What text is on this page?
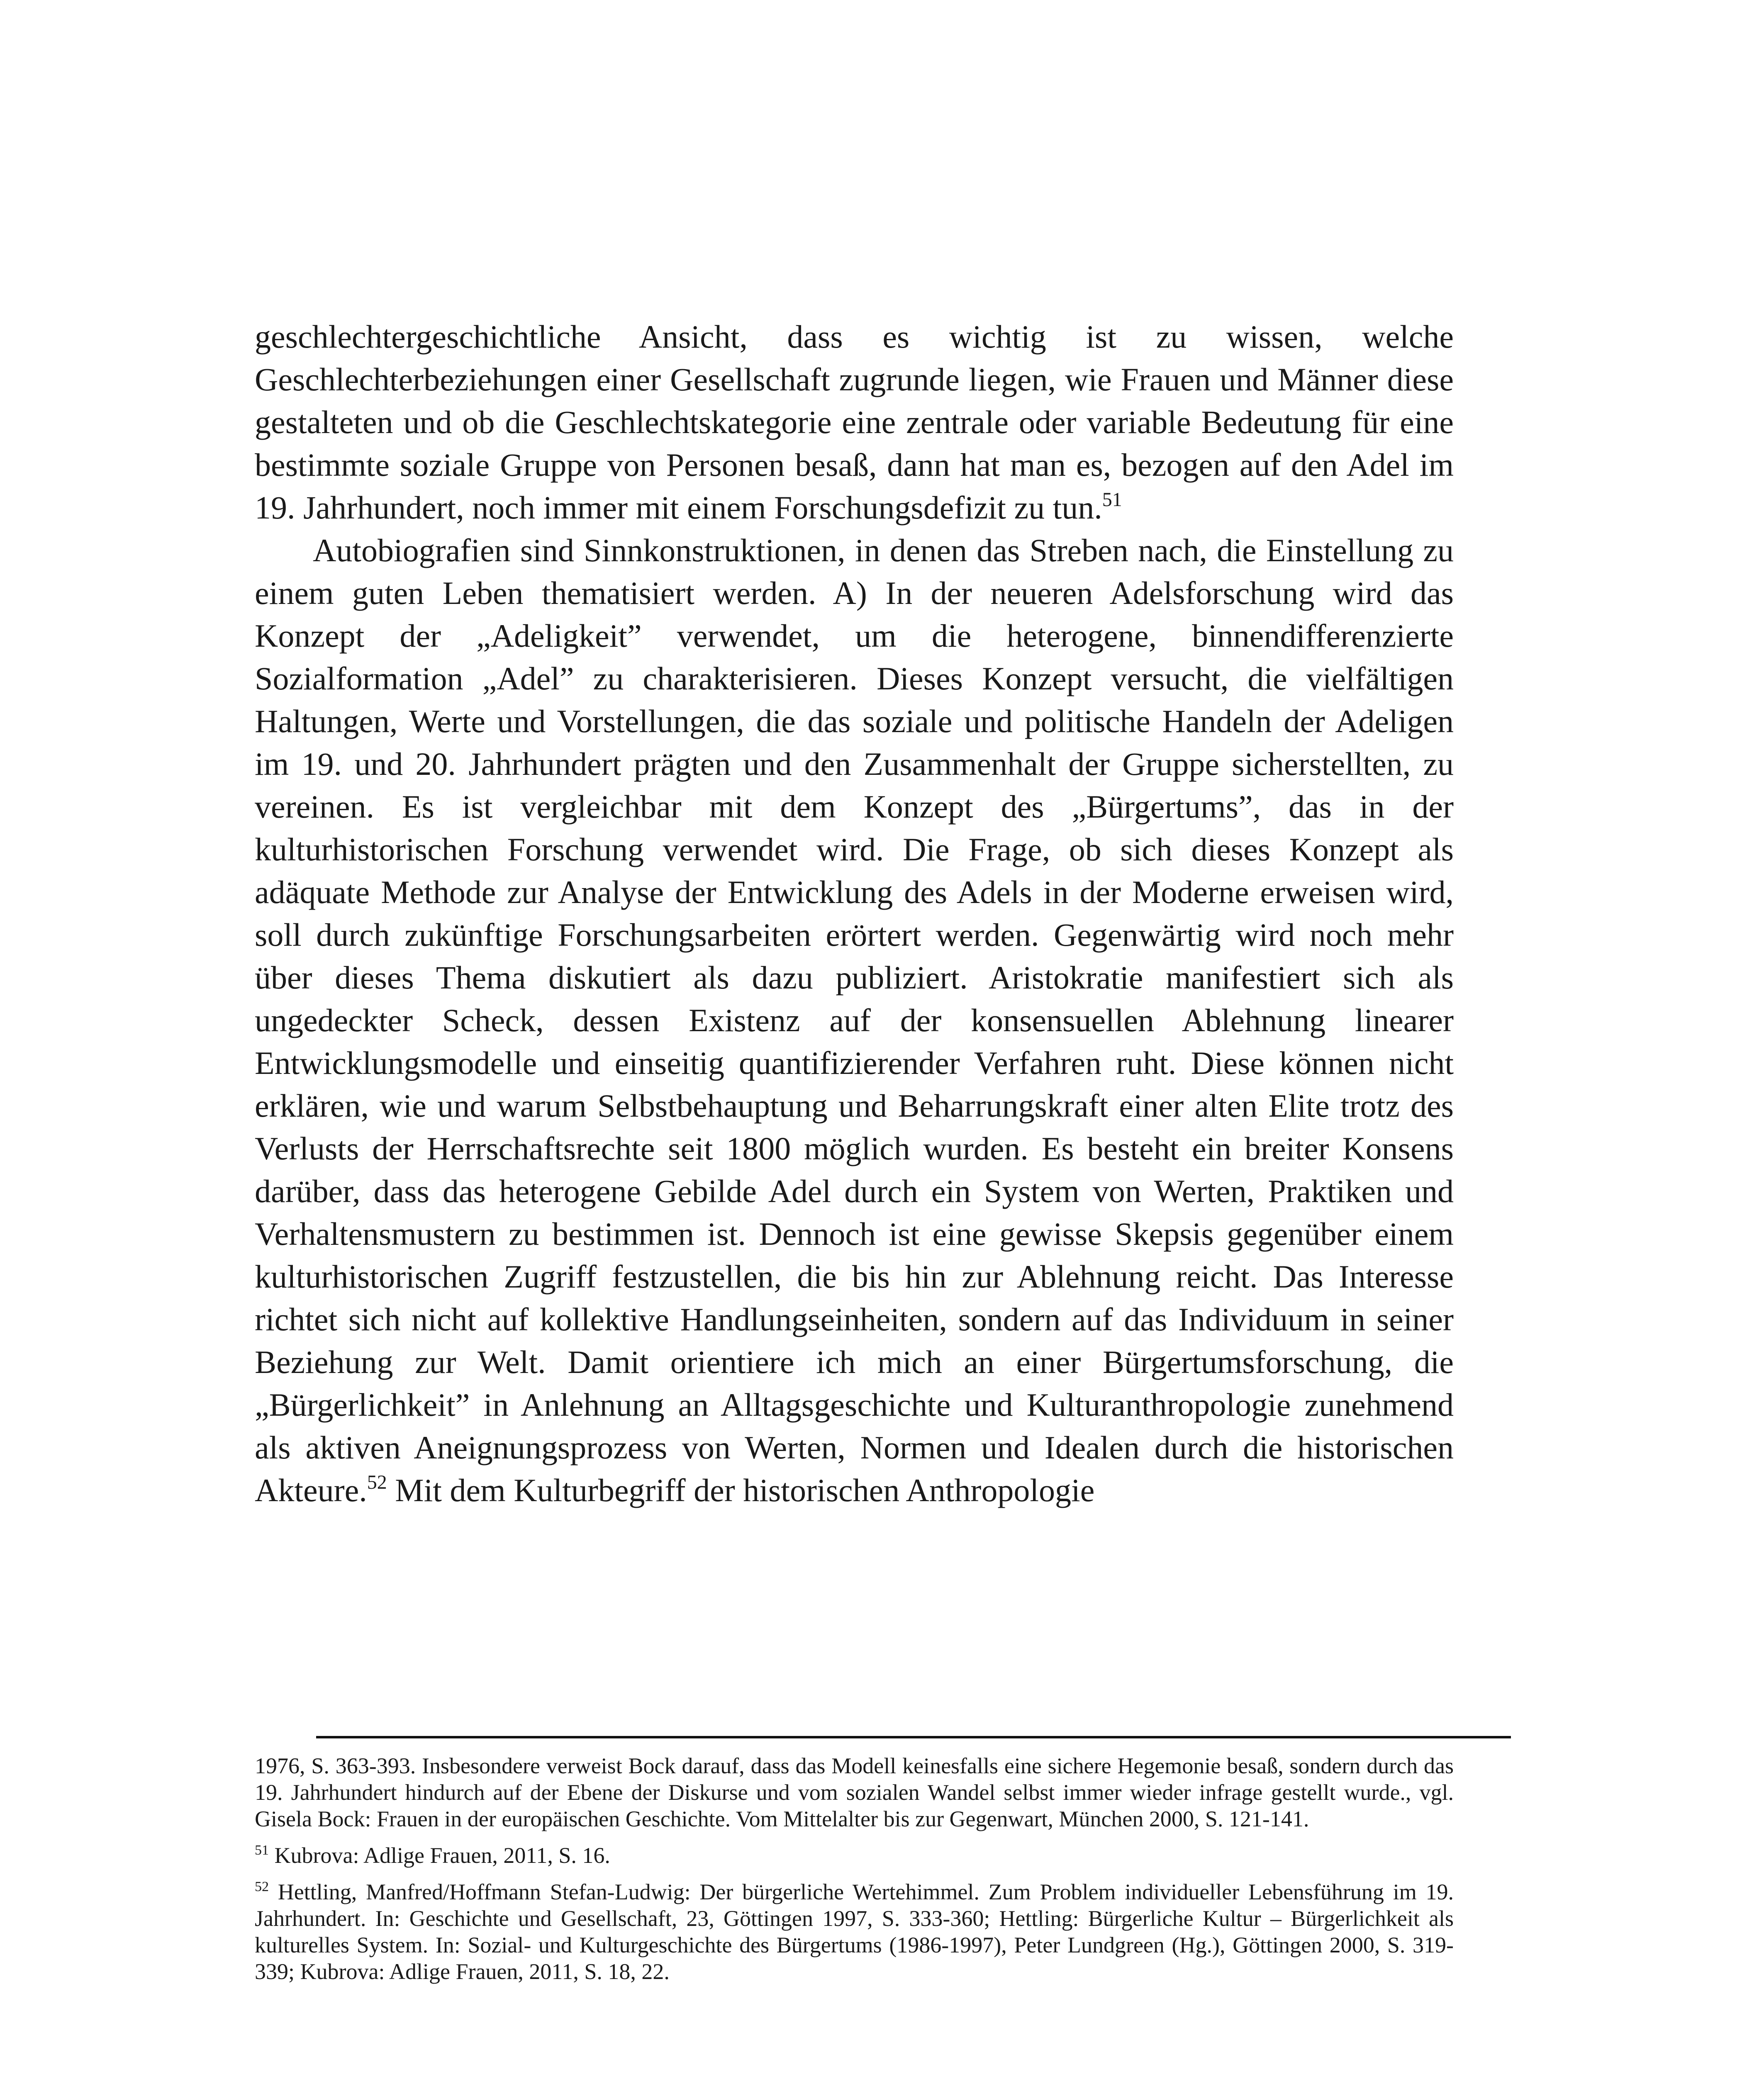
geschlechtergeschichtliche Ansicht, dass es wichtig ist zu wissen, welche Geschlechterbeziehungen einer Gesellschaft zugrunde liegen, wie Frauen und Männer diese gestalteten und ob die Geschlechtskategorie eine zentrale oder variable Bedeutung für eine bestimmte soziale Gruppe von Personen besaß, dann hat man es, bezogen auf den Adel im 19. Jahrhundert, noch immer mit einem Forschungsdefizit zu tun.$^{51}$

Autobiografien sind Sinnkonstruktionen, in denen das Streben nach, die Einstellung zu einem guten Leben thematisiert werden. A) In der neueren Adelsforschung wird das Konzept der „Adeligkeit” verwendet, um die heterogene, binnendifferenzierte Sozialformation „Adel” zu charakterisieren. Dieses Konzept versucht, die vielfältigen Haltungen, Werte und Vorstellungen, die das soziale und politische Handeln der Adeligen im 19. und 20. Jahrhundert prägten und den Zusammenhalt der Gruppe sicherstellten, zu vereinen. Es ist vergleichbar mit dem Konzept des „Bürgertums”, das in der kulturhistorischen Forschung verwendet wird. Die Frage, ob sich dieses Konzept als adäquate Methode zur Analyse der Entwicklung des Adels in der Moderne erweisen wird, soll durch zukünftige Forschungsarbeiten erörtert werden. Gegenwärtig wird noch mehr über dieses Thema diskutiert als dazu publiziert. Aristokratie manifestiert sich als ungedeckter Scheck, dessen Existenz auf der konsensuellen Ablehnung linearer Entwicklungsmodelle und einseitig quantifizierender Verfahren ruht. Diese können nicht erklären, wie und warum Selbstbehauptung und Beharrungskraft einer alten Elite trotz des Verlusts der Herrschaftsrechte seit 1800 möglich wurden. Es besteht ein breiter Konsens darüber, dass das heterogene Gebilde Adel durch ein System von Werten, Praktiken und Verhaltensmustern zu bestimmen ist. Dennoch ist eine gewisse Skepsis gegenüber einem kulturhistorischen Zugriff festzustellen, die bis hin zur Ablehnung reicht. Das Interesse richtet sich nicht auf kollektive Handlungseinheiten, sondern auf das Individuum in seiner Beziehung zur Welt. Damit orientiere ich mich an einer Bürgertumsforschung, die „Bürgerlichkeit” in Anlehnung an Alltagsgeschichte und Kulturanthropologie zunehmend als aktiven Aneignungsprozess von Werten, Normen und Idealen durch die historischen Akteure.$^{52}$ Mit dem Kulturbegriff der historischen Anthropologie

1976, S. 363-393. Insbesondere verweist Bock darauf, dass das Modell keinesfalls eine sichere Hegemonie besaß, sondern durch das 19. Jahrhundert hindurch auf der Ebene der Diskurse und vom sozialen Wandel selbst immer wieder infrage gestellt wurde., vgl. Gisela Bock: Frauen in der europäischen Geschichte. Vom Mittelalter bis zur Gegenwart, München 2000, S. 121-141.

$^{51}$ Kubrova: Adlige Frauen, 2011, S. 16.

$^{52}$ Hettling, Manfred/Hoffmann Stefan-Ludwig: Der bürgerliche Wertehimmel. Zum Problem individueller Lebensführung im 19. Jahrhundert. In: Geschichte und Gesellschaft, 23, Göttingen 1997, S. 333-360; Hettling: Bürgerliche Kultur – Bürgerlichkeit als kulturelles System. In: Sozial- und Kulturgeschichte des Bürgertums (1986-1997), Peter Lundgreen (Hg.), Göttingen 2000, S. 319-339; Kubrova: Adlige Frauen, 2011, S. 18, 22.
